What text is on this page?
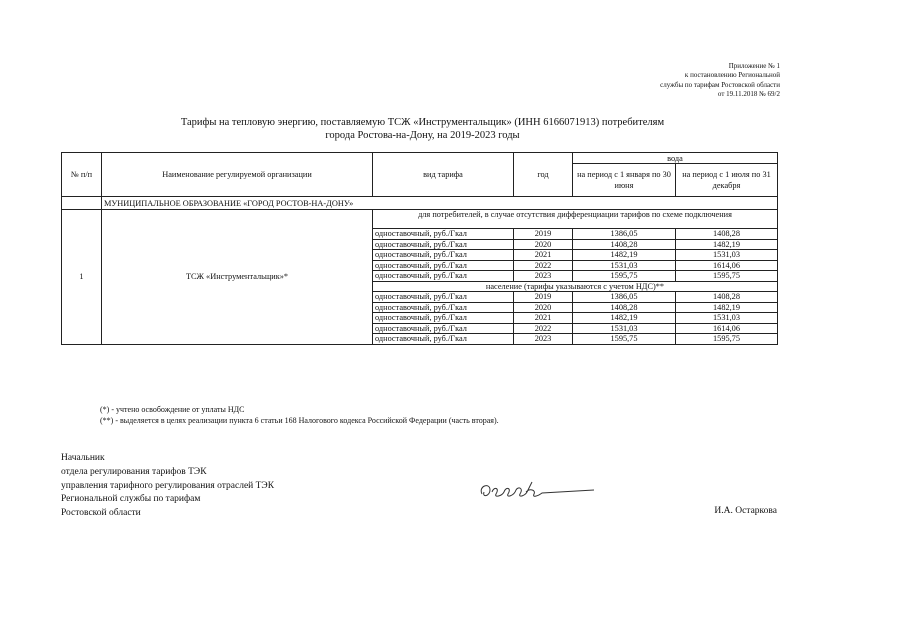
Приложение № 1
к постановлению Региональной
службы по тарифам Ростовской области
от 19.11.2018 № 69/2
Тарифы на тепловую энергию, поставляемую ТСЖ «Инструментальщик» (ИНН 6166071913) потребителям
города Ростова-на-Дону, на 2019-2023 годы
№ п/п	Наименование регулируемой организации	вид тарифа	год	вода	
				на период с 1 января по 30 июня	на период с 1 июля по 31 декабря
	МУНИЦИПАЛЬНОЕ ОБРАЗОВАНИЕ «ГОРОД РОСТОВ-НА-ДОНУ»				
1	ТСЖ «Инструментальщик»*	для потребителей, в случае отсутствия дифференциации тарифов по схеме подключения			
		одноставочный, руб./Гкал	2019	1386,05	1408,28
		одноставочный, руб./Гкал	2020	1408,28	1482,19
		одноставочный, руб./Гкал	2021	1482,19	1531,03
		одноставочный, руб./Гкал	2022	1531,03	1614,06
		одноставочный, руб./Гкал	2023	1595,75	1595,75
		население (тарифы указываются с учетом НДС)**			
		одноставочный, руб./Гкал	2019	1386,05	1408,28
		одноставочный, руб./Гкал	2020	1408,28	1482,19
		одноставочный, руб./Гкал	2021	1482,19	1531,03
		одноставочный, руб./Гкал	2022	1531,03	1614,06
		одноставочный, руб./Гкал	2023	1595,75	1595,75
(*) - учтено освобождение от уплаты НДС
(**) - выделяется в целях реализации пункта 6 статьи 168 Налогового кодекса Российской Федерации (часть вторая).
Начальник
отдела регулирования тарифов ТЭК
управления тарифного регулирования отраслей ТЭК
Региональной службы по тарифам
Ростовской области	И.А. Остаркова
